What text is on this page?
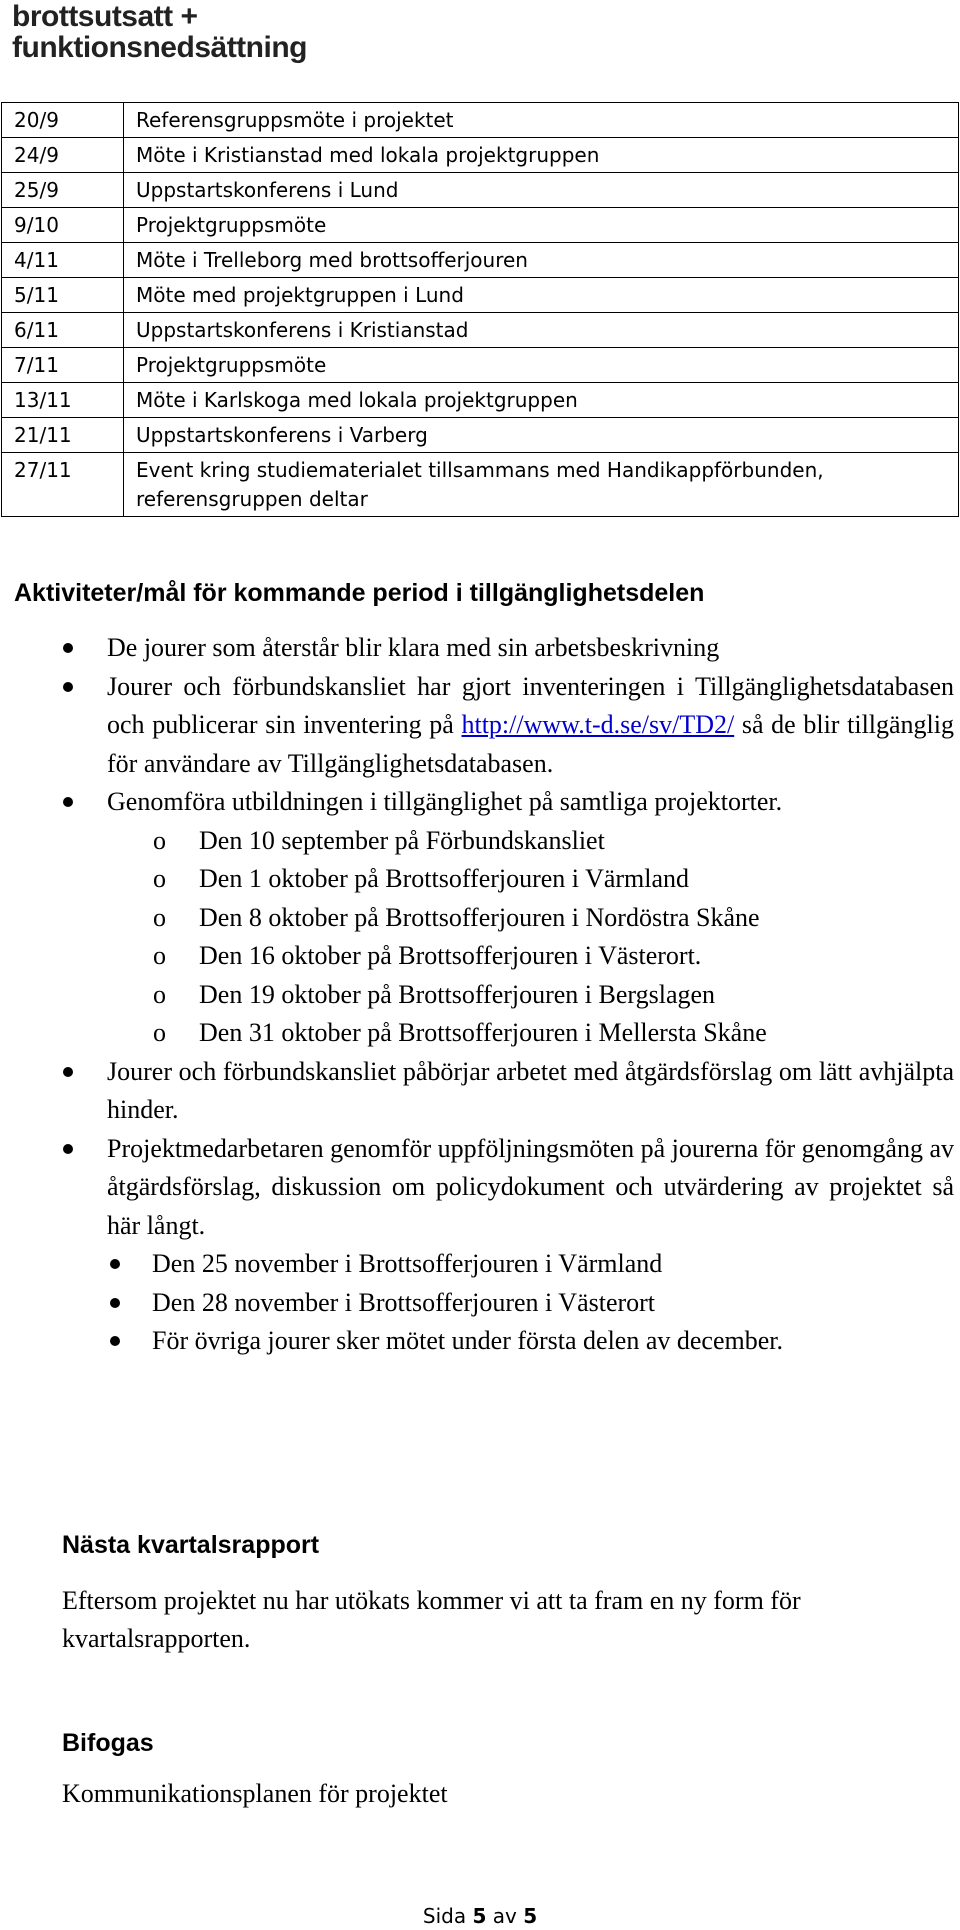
brottsutsatt +
funktionsnedsättning
20/9	Referensgruppsmöte i projektet
24/9	Möte i Kristianstad med lokala projektgruppen
25/9	Uppstartskonferens i Lund
9/10	Projektgruppsmöte
4/11	Möte i Trelleborg med brottsofferjouren
5/11	Möte med projektgruppen i Lund
6/11	Uppstartskonferens i Kristianstad
7/11	Projektgruppsmöte
13/11	Möte i Karlskoga med lokala projektgruppen
21/11	Uppstartskonferens i Varberg
27/11	Event kring studiematerialet tillsammans med Handikappförbunden, referensgruppen deltar
Aktiviteter/mål för kommande period i tillgänglighetsdelen
De jourer som återstår blir klara med sin arbetsbeskrivning
Jourer och förbundskansliet har gjort inventeringen i Tillgänglighetsdatabasen och publicerar sin inventering på http://www.t-d.se/sv/TD2/ så de blir tillgänglig för användare av Tillgänglighetsdatabasen.
Genomföra utbildningen i tillgänglighet på samtliga projektorter.
o Den 10 september på Förbundskansliet
o Den 1 oktober på Brottsofferjouren i Värmland
o Den 8 oktober på Brottsofferjouren i Nordöstra Skåne
o Den 16 oktober på Brottsofferjouren i Västerort.
o Den 19 oktober på Brottsofferjouren i Bergslagen
o Den 31 oktober på Brottsofferjouren i Mellersta Skåne
Jourer och förbundskansliet påbörjar arbetet med åtgärdsförslag om lätt avhjälpta hinder.
Projektmedarbetaren genomför uppföljningsmöten på jourerna för genomgång av åtgärdsförslag, diskussion om policydokument och utvärdering av projektet så här långt.
Den 25 november i Brottsofferjouren i Värmland
Den 28 november i Brottsofferjouren i Västerort
För övriga jourer sker mötet under första delen av december.
Nästa kvartalsrapport

Eftersom projektet nu har utökats kommer vi att ta fram en ny form för kvartalsrapporten.

Bifogas

Kommunikationsplanen för projektet

Sida 5 av 5
